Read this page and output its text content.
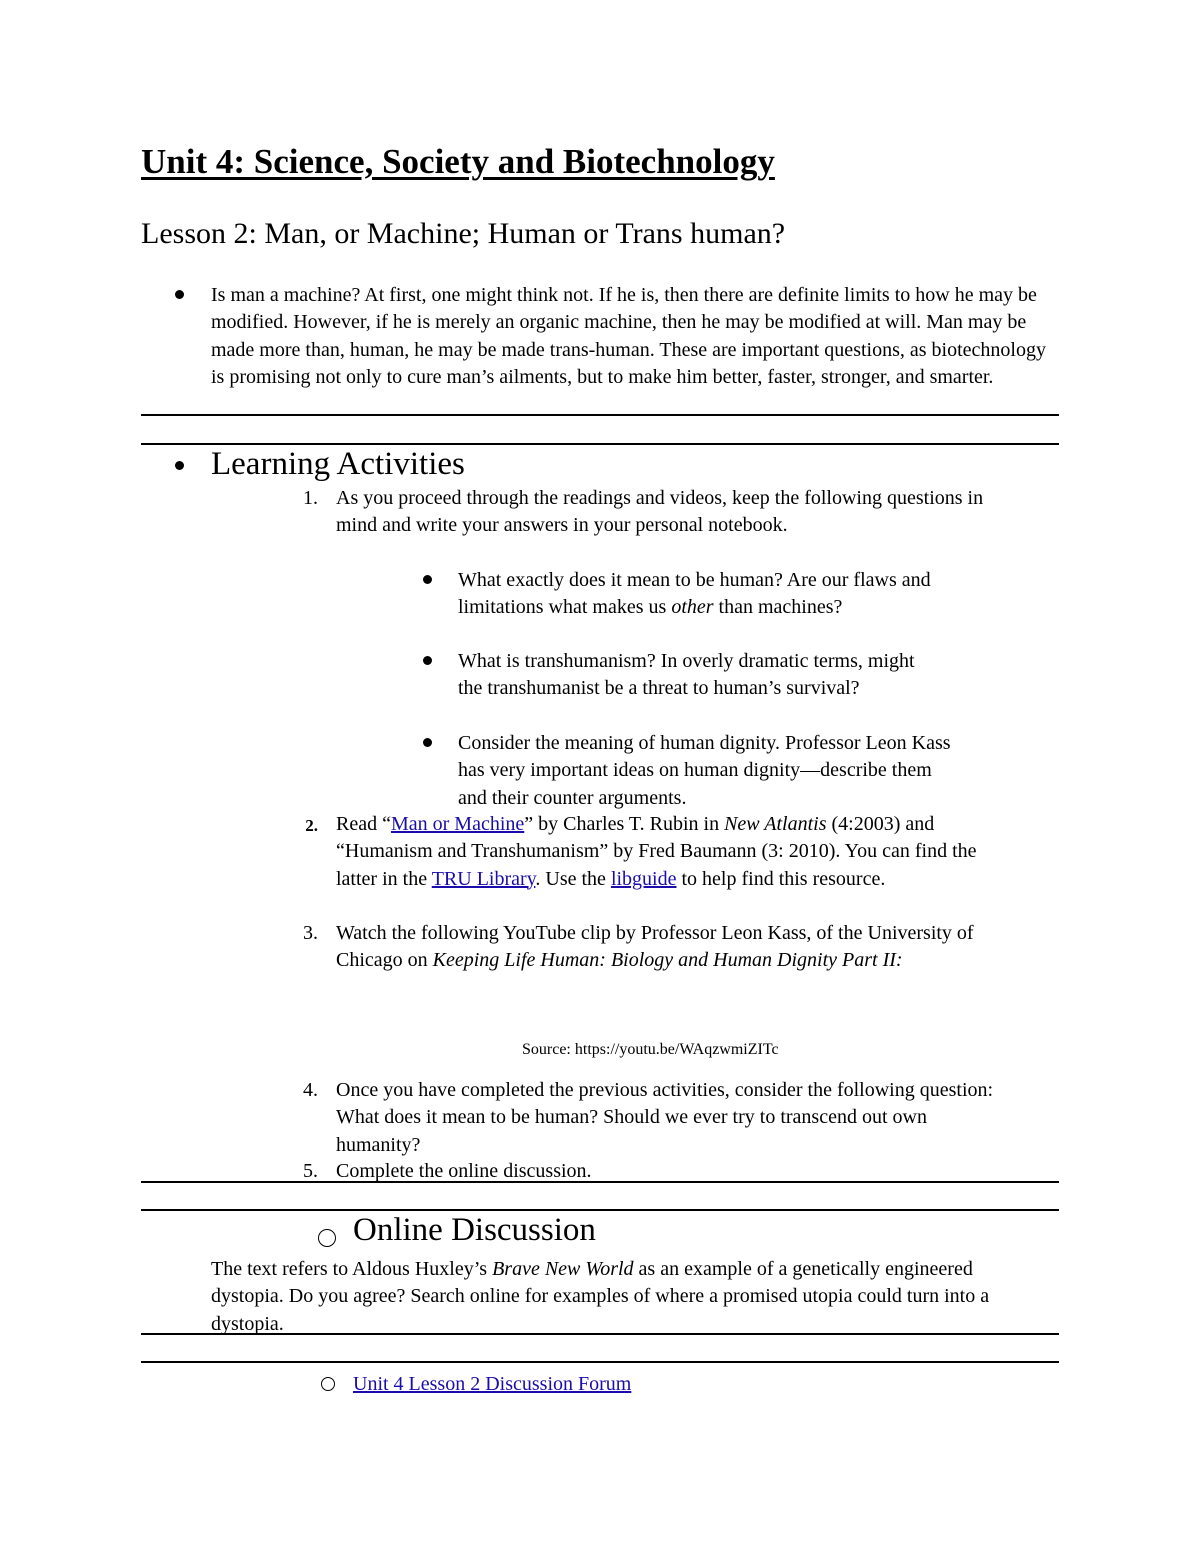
Unit 4: Science, Society and Biotechnology
Lesson 2: Man, or Machine; Human or Trans human?
Is man a machine? At first, one might think not. If he is, then there are definite limits to how he may be modified. However, if he is merely an organic machine, then he may be modified at will. Man may be made more than, human, he may be made trans-human. These are important questions, as biotechnology is promising not only to cure man’s ailments, but to make him better, faster, stronger, and smarter.
Learning Activities
1. As you proceed through the readings and videos, keep the following questions in mind and write your answers in your personal notebook.
What exactly does it mean to be human? Are our flaws and limitations what makes us other than machines?
What is transhumanism? In overly dramatic terms, might the transhumanist be a threat to human’s survival?
Consider the meaning of human dignity. Professor Leon Kass has very important ideas on human dignity—describe them and their counter arguments.
2. Read “Man or Machine” by Charles T. Rubin in New Atlantis (4:2003) and “Humanism and Transhumanism” by Fred Baumann (3: 2010). You can find the latter in the TRU Library. Use the libguide to help find this resource.
3. Watch the following YouTube clip by Professor Leon Kass, of the University of Chicago on Keeping Life Human: Biology and Human Dignity Part II:
Source: https://youtu.be/WAqzwmiZITc
4. Once you have completed the previous activities, consider the following question: What does it mean to be human? Should we ever try to transcend out own humanity?
5. Complete the online discussion.
Online Discussion
The text refers to Aldous Huxley’s Brave New World as an example of a genetically engineered dystopia. Do you agree? Search online for examples of where a promised utopia could turn into a dystopia.
Unit 4 Lesson 2 Discussion Forum
